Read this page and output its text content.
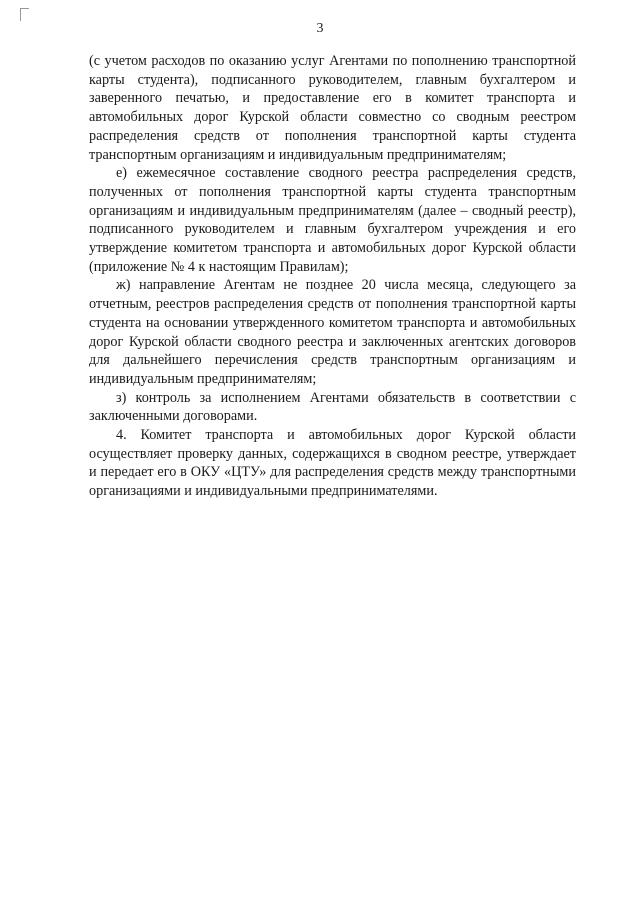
3

(с учетом расходов по оказанию услуг Агентами по пополнению транспортной карты студента), подписанного руководителем, главным бухгалтером и заверенного печатью, и предоставление его в комитет транспорта и автомобильных дорог Курской области совместно со сводным реестром распределения средств от пополнения транспортной карты студента транспортным организациям и индивидуальным предпринимателям;

е) ежемесячное составление сводного реестра распределения средств, полученных от пополнения транспортной карты студента транспортным организациям и индивидуальным предпринимателям (далее – сводный реестр), подписанного руководителем и главным бухгалтером учреждения и его утверждение комитетом транспорта и автомобильных дорог Курской области (приложение № 4 к настоящим Правилам);

ж) направление Агентам не позднее 20 числа месяца, следующего за отчетным, реестров распределения средств от пополнения транспортной карты студента на основании утвержденного комитетом транспорта и автомобильных дорог Курской области сводного реестра и заключенных агентских договоров для дальнейшего перечисления средств транспортным организациям и индивидуальным предпринимателям;

з) контроль за исполнением Агентами обязательств в соответствии с заключенными договорами.

4. Комитет транспорта и автомобильных дорог Курской области осуществляет проверку данных, содержащихся в сводном реестре, утверждает и передает его в ОКУ «ЦТУ» для распределения средств между транспортными организациями и индивидуальными предпринимателями.
